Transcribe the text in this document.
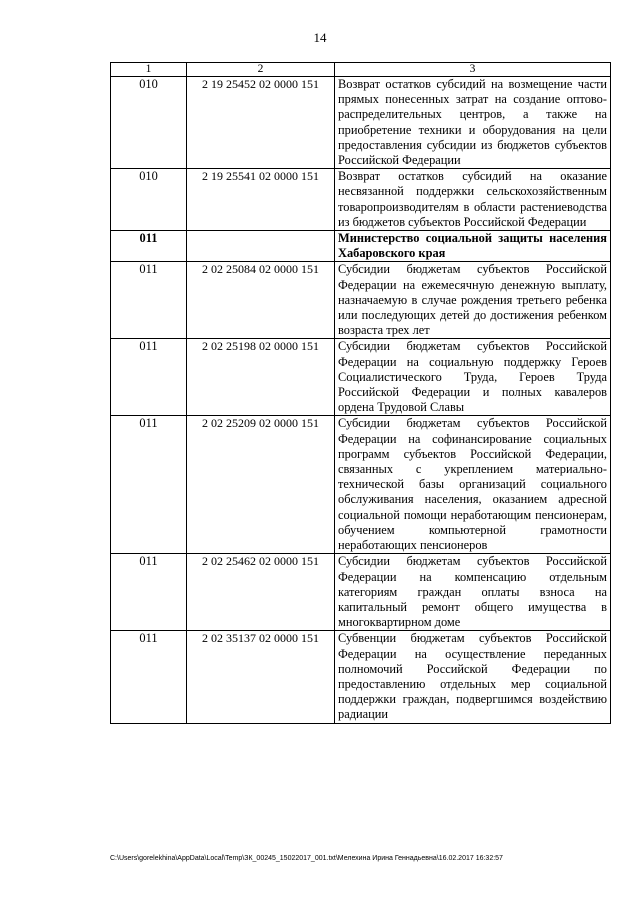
14
1	2	3
010	2 19 25452 02 0000 151	Возврат остатков субсидий на возмещение части прямых понесенных затрат на создание оптово-распределительных центров, а также на приобретение техники и оборудования на цели предоставления субсидии из бюджетов субъектов Российской Федерации
010	2 19 25541 02 0000 151	Возврат остатков субсидий на оказание несвязанной поддержки сельскохозяйственным товаропроизводителям в области растениеводства из бюджетов субъектов Российской Федерации
011		Министерство социальной защиты населения Хабаровского края
011	2 02 25084 02 0000 151	Субсидии бюджетам субъектов Российской Федерации на ежемесячную денежную выплату, назначаемую в случае рождения третьего ребенка или последующих детей до достижения ребенком возраста трех лет
011	2 02 25198 02 0000 151	Субсидии бюджетам субъектов Российской Федерации на социальную поддержку Героев Социалистического Труда, Героев Труда Российской Федерации и полных кавалеров ордена Трудовой Славы
011	2 02 25209 02 0000 151	Субсидии бюджетам субъектов Российской Федерации на софинансирование социальных программ субъектов Российской Федерации, связанных с укреплением материально-технической базы организаций социального обслуживания населения, оказанием адресной социальной помощи неработающим пенсионерам, обучением компьютерной грамотности неработающих пенсионеров
011	2 02 25462 02 0000 151	Субсидии бюджетам субъектов Российской Федерации на компенсацию отдельным категориям граждан оплаты взноса на капитальный ремонт общего имущества в многоквартирном доме
011	2 02 35137 02 0000 151	Субвенции бюджетам субъектов Российской Федерации на осуществление переданных полномочий Российской Федерации по предоставлению отдельных мер социальной поддержки граждан, подвергшимся воздействию радиации
C:\Users\gorelekhina\AppData\Local\Temp\ЗК_00245_15022017_001.txt\Мелехина Ирина Геннадьевна\16.02.2017 16:32:57
